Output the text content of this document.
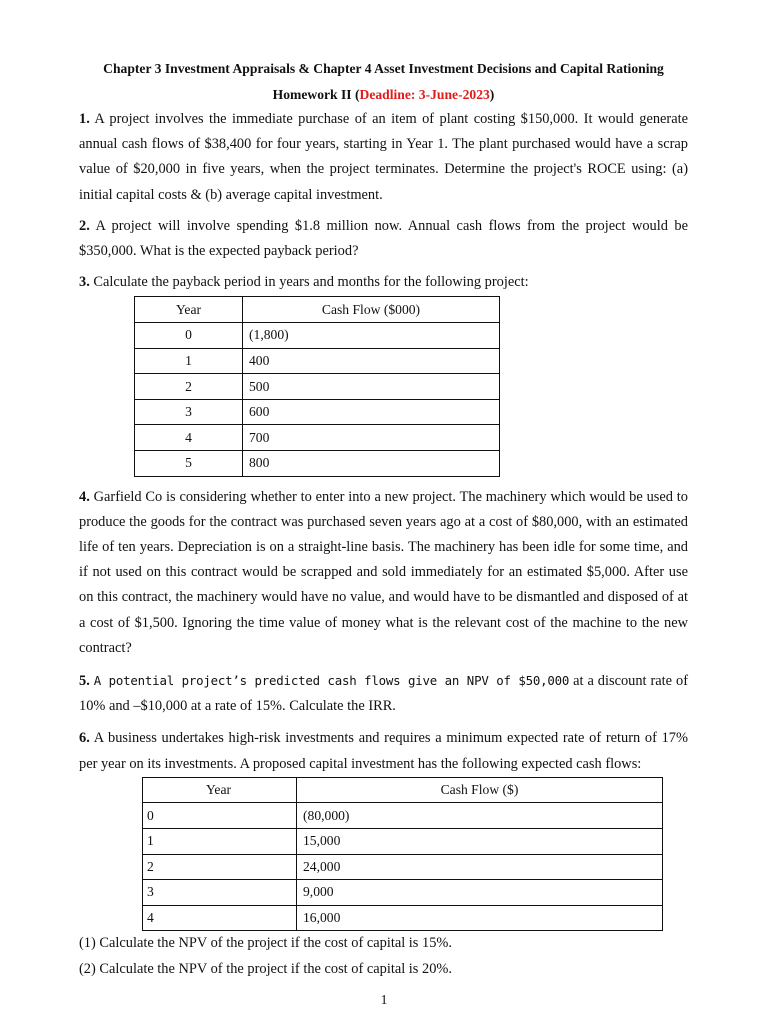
Chapter 3 Investment Appraisals & Chapter 4 Asset Investment Decisions and Capital Rationing
Homework II (Deadline: 3-June-2023)

1. A project involves the immediate purchase of an item of plant costing $150,000. It would generate annual cash flows of $38,400 for four years, starting in Year 1. The plant purchased would have a scrap value of $20,000 in five years, when the project terminates. Determine the project's ROCE using: (a) initial capital costs & (b) average capital investment.

2. A project will involve spending $1.8 million now. Annual cash flows from the project would be $350,000. What is the expected payback period?

3. Calculate the payback period in years and months for the following project:

Year	Cash Flow ($000)
0	(1,800)
1	400
2	500
3	600
4	700
5	800

4. Garfield Co is considering whether to enter into a new project. The machinery which would be used to produce the goods for the contract was purchased seven years ago at a cost of $80,000, with an estimated life of ten years. Depreciation is on a straight-line basis. The machinery has been idle for some time, and if not used on this contract would be scrapped and sold immediately for an estimated $5,000. After use on this contract, the machinery would have no value, and would have to be dismantled and disposed of at a cost of $1,500. Ignoring the time value of money what is the relevant cost of the machine to the new contract?

5. A potential project’s predicted cash flows give an NPV of $50,000 at a discount rate of 10% and –$10,000 at a rate of 15%. Calculate the IRR.

6. A business undertakes high-risk investments and requires a minimum expected rate of return of 17% per year on its investments. A proposed capital investment has the following expected cash flows:

Year	Cash Flow ($)
0	(80,000)
1	15,000
2	24,000
3	9,000
4	16,000

(1) Calculate the NPV of the project if the cost of capital is 15%.

(2) Calculate the NPV of the project if the cost of capital is 20%.

1
